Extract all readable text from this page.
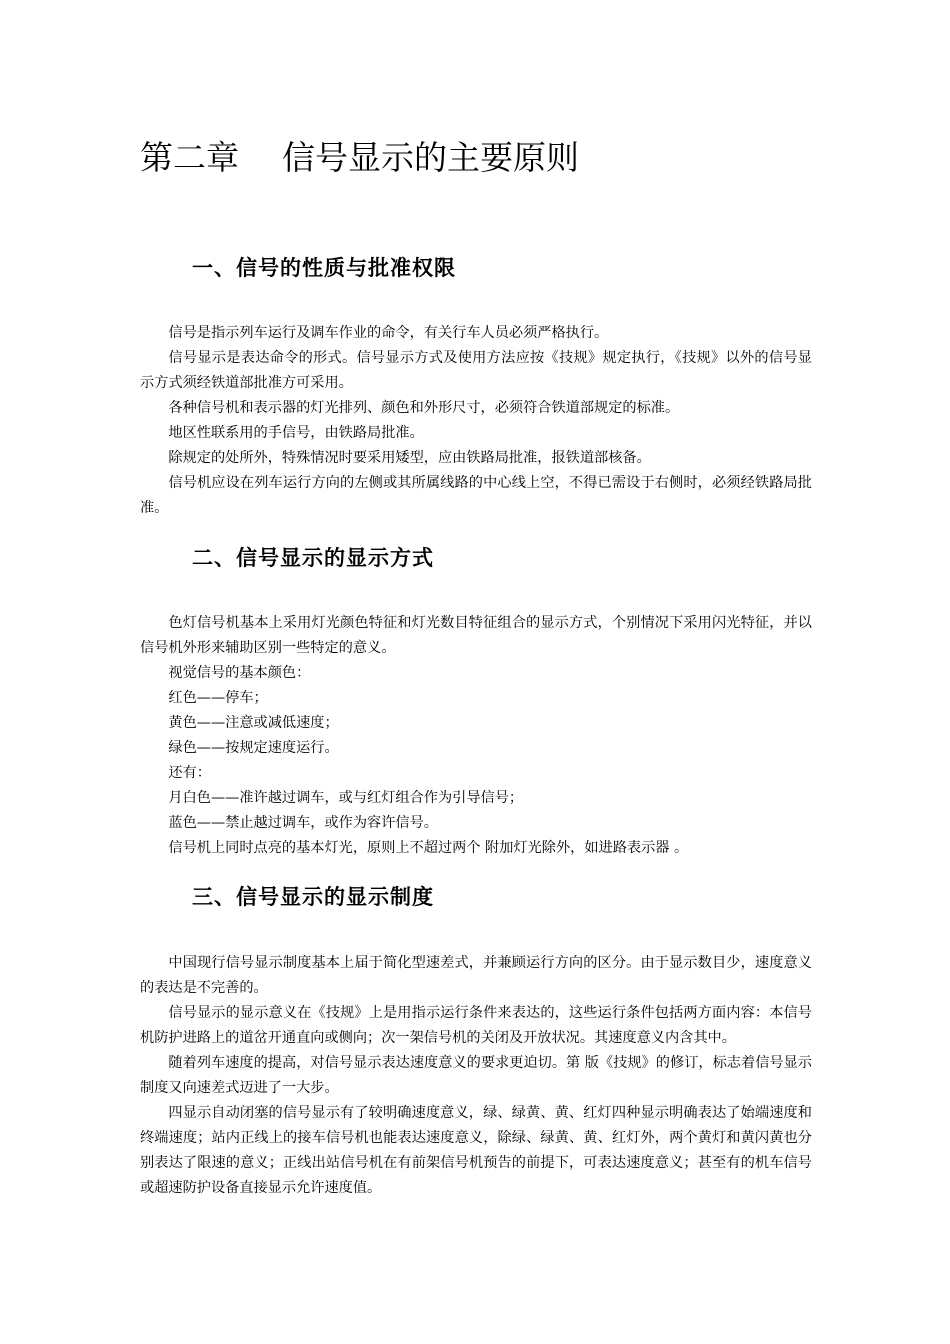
第二章 信号显示的主要原则
一、信号的性质与批准权限

信号是指示列车运行及调车作业的命令，有关行车人员必须严格执行。

信号显示是表达命令的形式。信号显示方式及使用方法应按《技规》规定执行，《技规》以外的信号显示方式须经铁道部批准方可采用。

各种信号机和表示器的灯光排列、颜色和外形尺寸，必须符合铁道部规定的标准。

地区性联系用的手信号，由铁路局批准。

除规定的处所外，特殊情况时要采用矮型，应由铁路局批准，报铁道部核备。

信号机应设在列车运行方向的左侧或其所属线路的中心线上空，不得已需设于右侧时，必须经铁路局批准。

二、信号显示的显示方式

色灯信号机基本上采用灯光颜色特征和灯光数目特征组合的显示方式，个别情况下采用闪光特征，并以信号机外形来辅助区别一些特定的意义。

视觉信号的基本颜色：

红色——停车；

黄色——注意或减低速度；

绿色——按规定速度运行。

还有：

月白色——准许越过调车，或与红灯组合作为引导信号；

蓝色——禁止越过调车，或作为容许信号。

信号机上同时点亮的基本灯光，原则上不超过两个 附加灯光除外，如进路表示器 。

三、信号显示的显示制度

中国现行信号显示制度基本上届于简化型速差式，并兼顾运行方向的区分。由于显示数目少，速度意义的表达是不完善的。

信号显示的显示意义在《技规》上是用指示运行条件来表达的，这些运行条件包括两方面内容：本信号机防护进路上的道岔开通直向或侧向；次一架信号机的关闭及开放状况。其速度意义内含其中。

随着列车速度的提高，对信号显示表达速度意义的要求更迫切。第 版《技规》的修订，标志着信号显示制度又向速差式迈进了一大步。

四显示自动闭塞的信号显示有了较明确速度意义，绿、绿黄、黄、红灯四种显示明确表达了始端速度和终端速度；站内正线上的接车信号机也能表达速度意义，除绿、绿黄、黄、红灯外，两个黄灯和黄闪黄也分别表达了限速的意义；正线出站信号机在有前架信号机预告的前提下，可表达速度意义；甚至有的机车信号或超速防护设备直接显示允许速度值。
